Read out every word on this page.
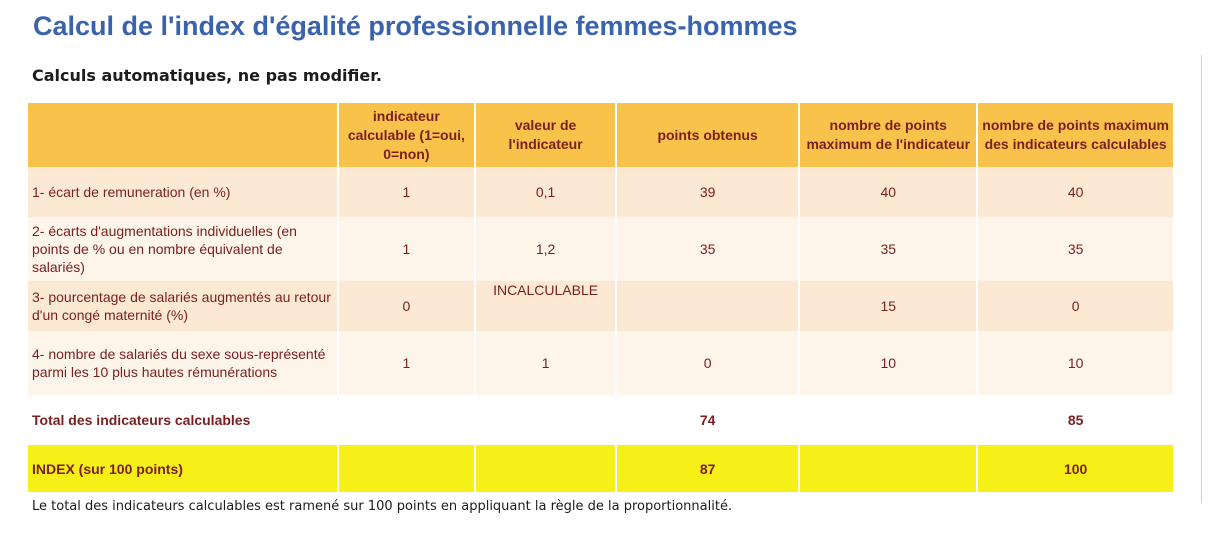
Calcul de l'index d'égalité professionnelle femmes-hommes
Calculs automatiques, ne pas modifier.
	indicateur calculable (1=oui, 0=non)	valeur de l'indicateur	points obtenus	nombre de points maximum de l'indicateur	nombre de points maximum des indicateurs calculables
1- écart de remuneration (en %)	1	0,1	39	40	40
2- écarts d'augmentations individuelles (en points de % ou en nombre équivalent de salariés)	1	1,2	35	35	35
3- pourcentage de salariés augmentés au retour d'un congé maternité (%)	0	INCALCULABLE		15	0
4- nombre de salariés du sexe sous-représenté parmi les 10 plus hautes rémunérations	1	1	0	10	10
Total des indicateurs calculables			74		85
INDEX (sur 100 points)			87		100
Le total des indicateurs calculables est ramené sur 100 points en appliquant la règle de la proportionnalité.
